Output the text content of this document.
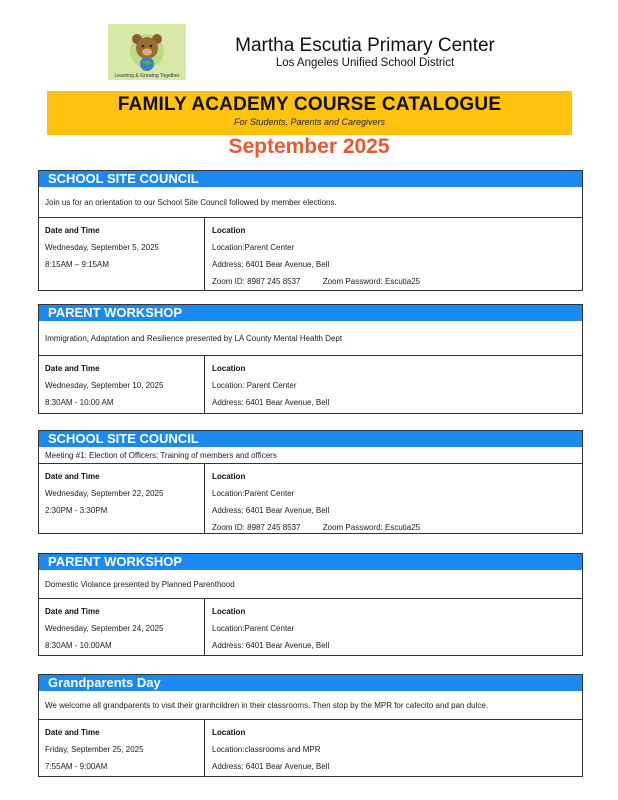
Learning & Growing Together
Martha Escutia Primary Center
Los Angeles Unified School District
FAMILY ACADEMY COURSE CATALOGUE
For Students, Parents and Caregivers
September 2025
SCHOOL SITE COUNCIL
Join us for an orientation to our School Site Council followed by member elections.
Date and Time
Wednesday, September 5, 2025
8:15AM – 9:15AM
Location
Location:Parent Center
Address: 6401 Bear Avenue, Bell
Zoom ID: 8987 245 8537	Zoom Password: Escutia25
PARENT WORKSHOP
Immigration, Adaptation and Resilience presented by LA County Mental Health Dept
Date and Time
Wednesday, September 10, 2025
8:30AM - 10:00 AM
Location
Location: Parent Center
Address: 6401 Bear Avenue, Bell
SCHOOL SITE COUNCIL
Meeting #1: Election of Officers; Training of members and officers
Date and Time
Wednesday, September 22, 2025
2:30PM - 3:30PM
Location
Location:Parent Center
Address: 6401 Bear Avenue, Bell
Zoom ID: 8987 245 8537	Zoom Password: Escutia25
PARENT WORKSHOP
Domestic Violance presented by Planned Parenthood
Date and Time
Wednesday, September 24, 2025
8:30AM - 10:00AM
Location
Location:Parent Center
Address: 6401 Bear Avenue, Bell
Grandparents Day
We welcome all grandparents to visit their granhcildren in their classrooms. Then stop by the MPR for cafecito and pan dulce.
Date and Time
Friday, September 25, 2025
7:55AM - 9:00AM
Location
Location:classrooms and MPR
Address: 6401 Bear Avenue, Bell
